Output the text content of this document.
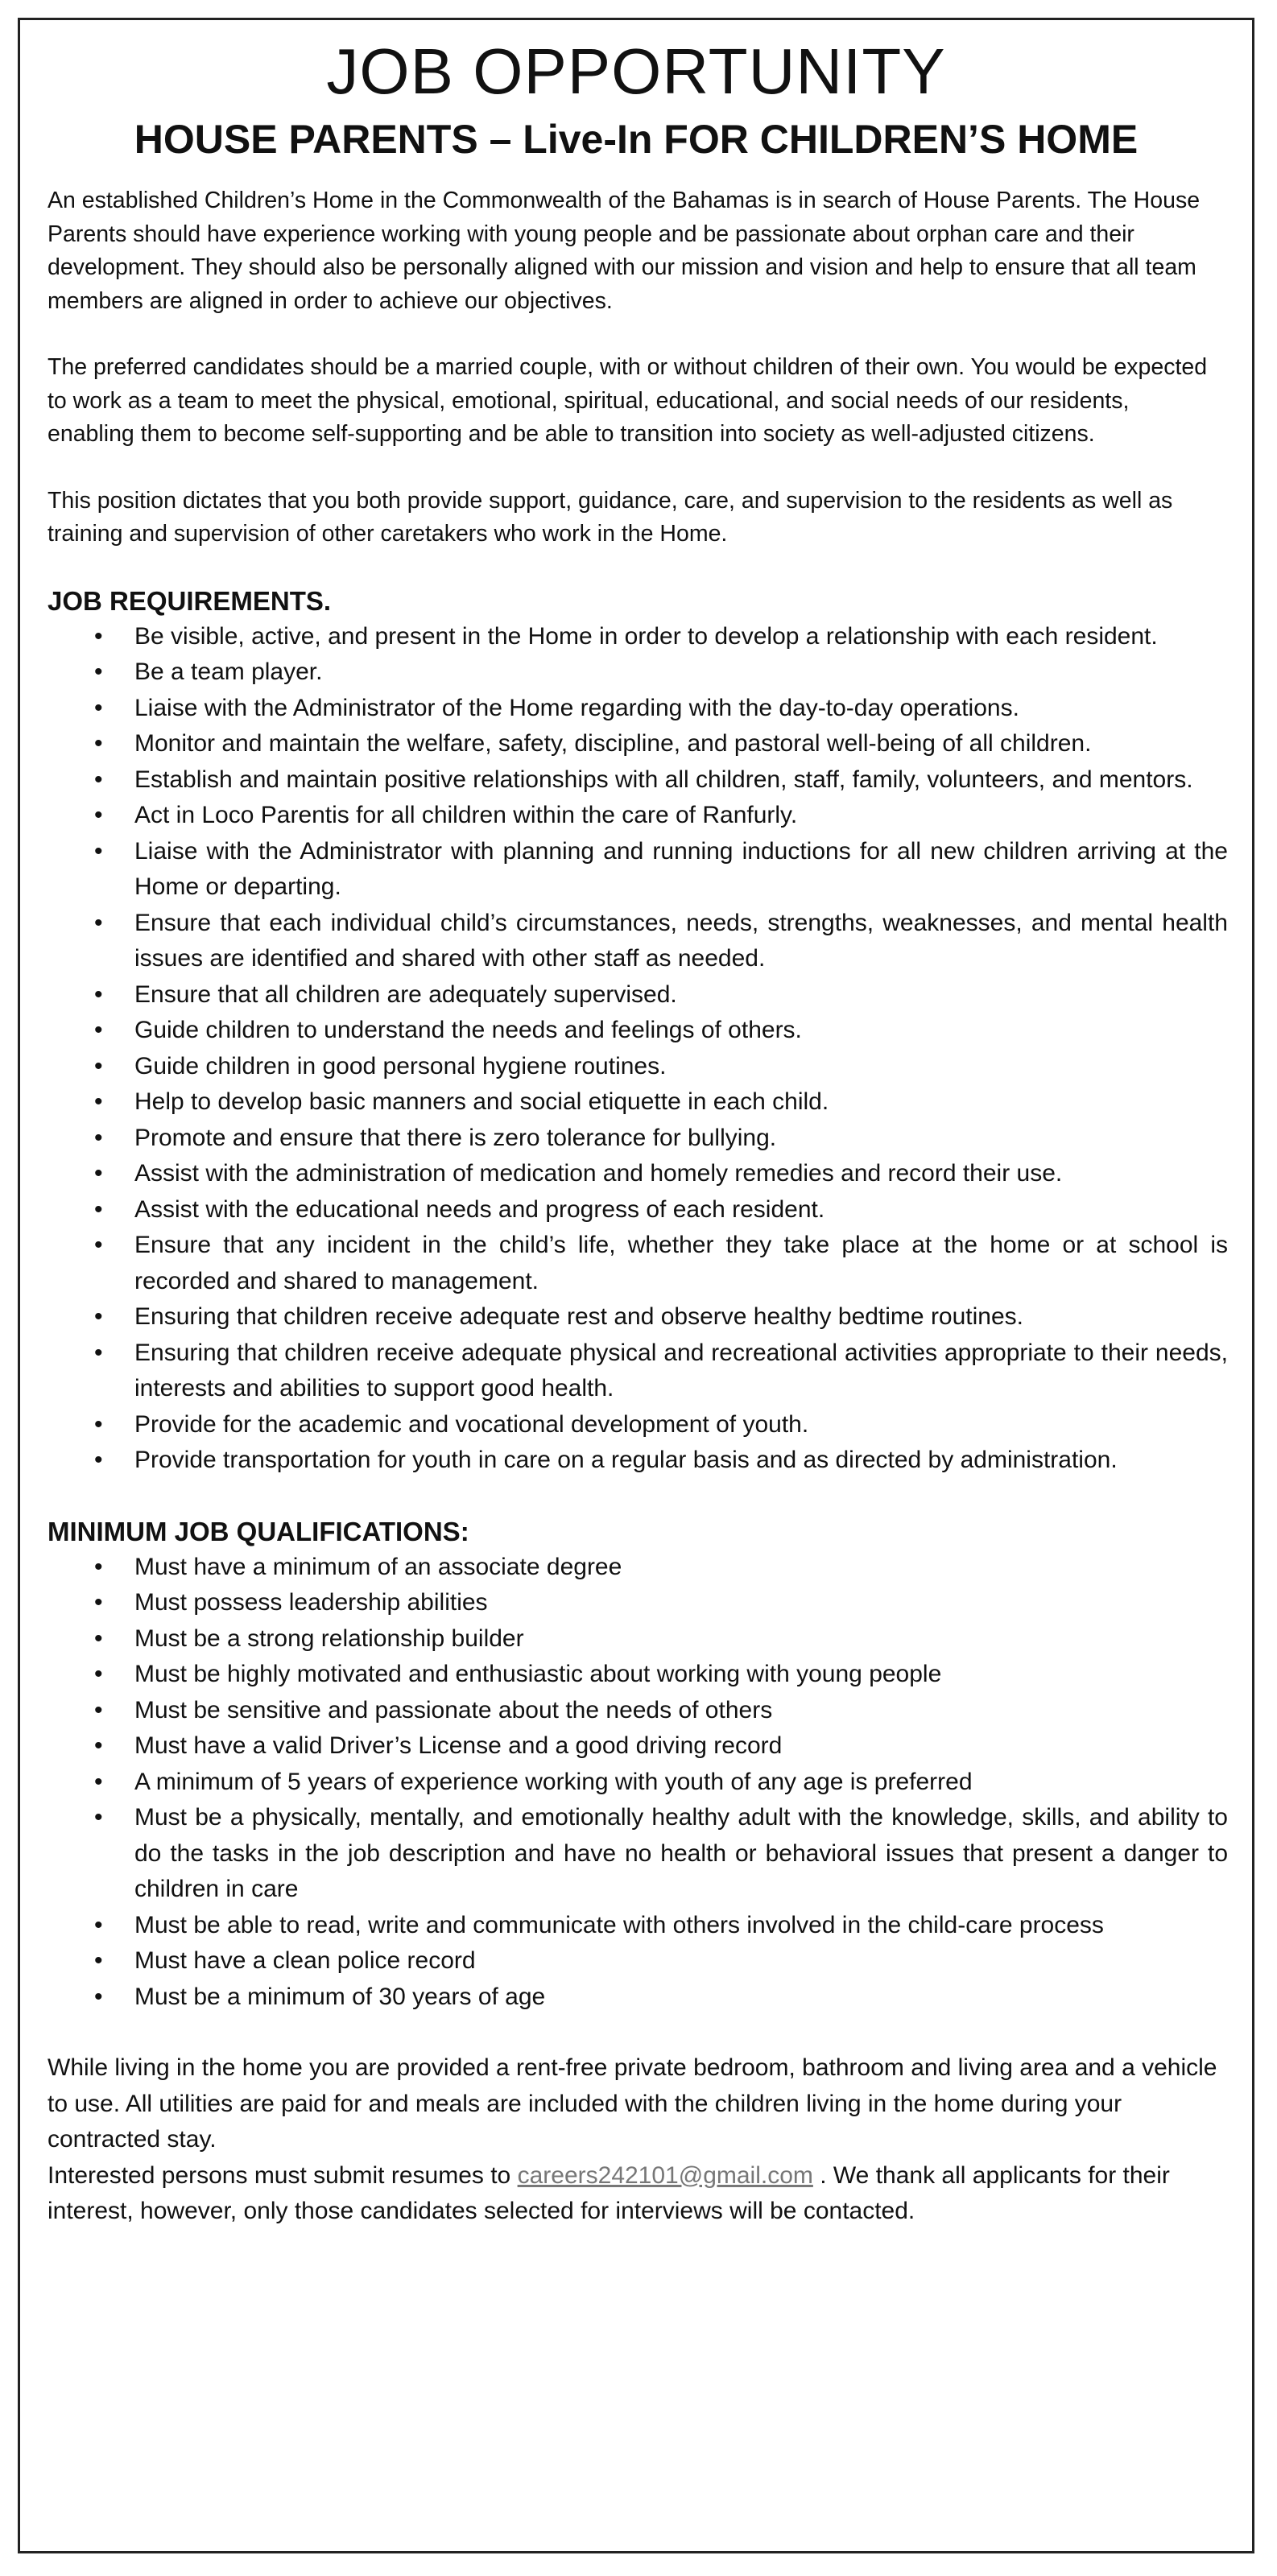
JOB OPPORTUNITY
HOUSE PARENTS – Live-In FOR CHILDREN’S HOME

An established Children’s Home in the Commonwealth of the Bahamas is in search of House Parents. The House Parents should have experience working with young people and be passionate about orphan care and their development. They should also be personally aligned with our mission and vision and help to ensure that all team members are aligned in order to achieve our objectives.

The preferred candidates should be a married couple, with or without children of their own. You would be expected to work as a team to meet the physical, emotional, spiritual, educational, and social needs of our residents, enabling them to become self-supporting and be able to transition into society as well-adjusted citizens.

This position dictates that you both provide support, guidance, care, and supervision to the residents as well as training and supervision of other caretakers who work in the Home.

JOB REQUIREMENTS.
• Be visible, active, and present in the Home in order to develop a relationship with each resident.
• Be a team player.
• Liaise with the Administrator of the Home regarding with the day-to-day operations.
• Monitor and maintain the welfare, safety, discipline, and pastoral well-being of all children.
• Establish and maintain positive relationships with all children, staff, family, volunteers, and mentors.
• Act in Loco Parentis for all children within the care of Ranfurly.
• Liaise with the Administrator with planning and running inductions for all new children arriving at the Home or departing.
• Ensure that each individual child’s circumstances, needs, strengths, weaknesses, and mental health issues are identified and shared with other staff as needed.
• Ensure that all children are adequately supervised.
• Guide children to understand the needs and feelings of others.
• Guide children in good personal hygiene routines.
• Help to develop basic manners and social etiquette in each child.
• Promote and ensure that there is zero tolerance for bullying.
• Assist with the administration of medication and homely remedies and record their use.
• Assist with the educational needs and progress of each resident.
• Ensure that any incident in the child’s life, whether they take place at the home or at school is recorded and shared to management.
• Ensuring that children receive adequate rest and observe healthy bedtime routines.
• Ensuring that children receive adequate physical and recreational activities appropriate to their needs, interests and abilities to support good health.
• Provide for the academic and vocational development of youth.
• Provide transportation for youth in care on a regular basis and as directed by administration.
MINIMUM JOB QUALIFICATIONS:
• Must have a minimum of an associate degree
• Must possess leadership abilities
• Must be a strong relationship builder
• Must be highly motivated and enthusiastic about working with young people
• Must be sensitive and passionate about the needs of others
• Must have a valid Driver’s License and a good driving record
• A minimum of 5 years of experience working with youth of any age is preferred
• Must be a physically, mentally, and emotionally healthy adult with the knowledge, skills, and ability to do the tasks in the job description and have no health or behavioral issues that present a danger to children in care
• Must be able to read, write and communicate with others involved in the child-care process
• Must have a clean police record
• Must be a minimum of 30 years of age

While living in the home you are provided a rent-free private bedroom, bathroom and living area and a vehicle to use. All utilities are paid for and meals are included with the children living in the home during your contracted stay.

Interested persons must submit resumes to careers242101@gmail.com . We thank all applicants for their interest, however, only those candidates selected for interviews will be contacted.
